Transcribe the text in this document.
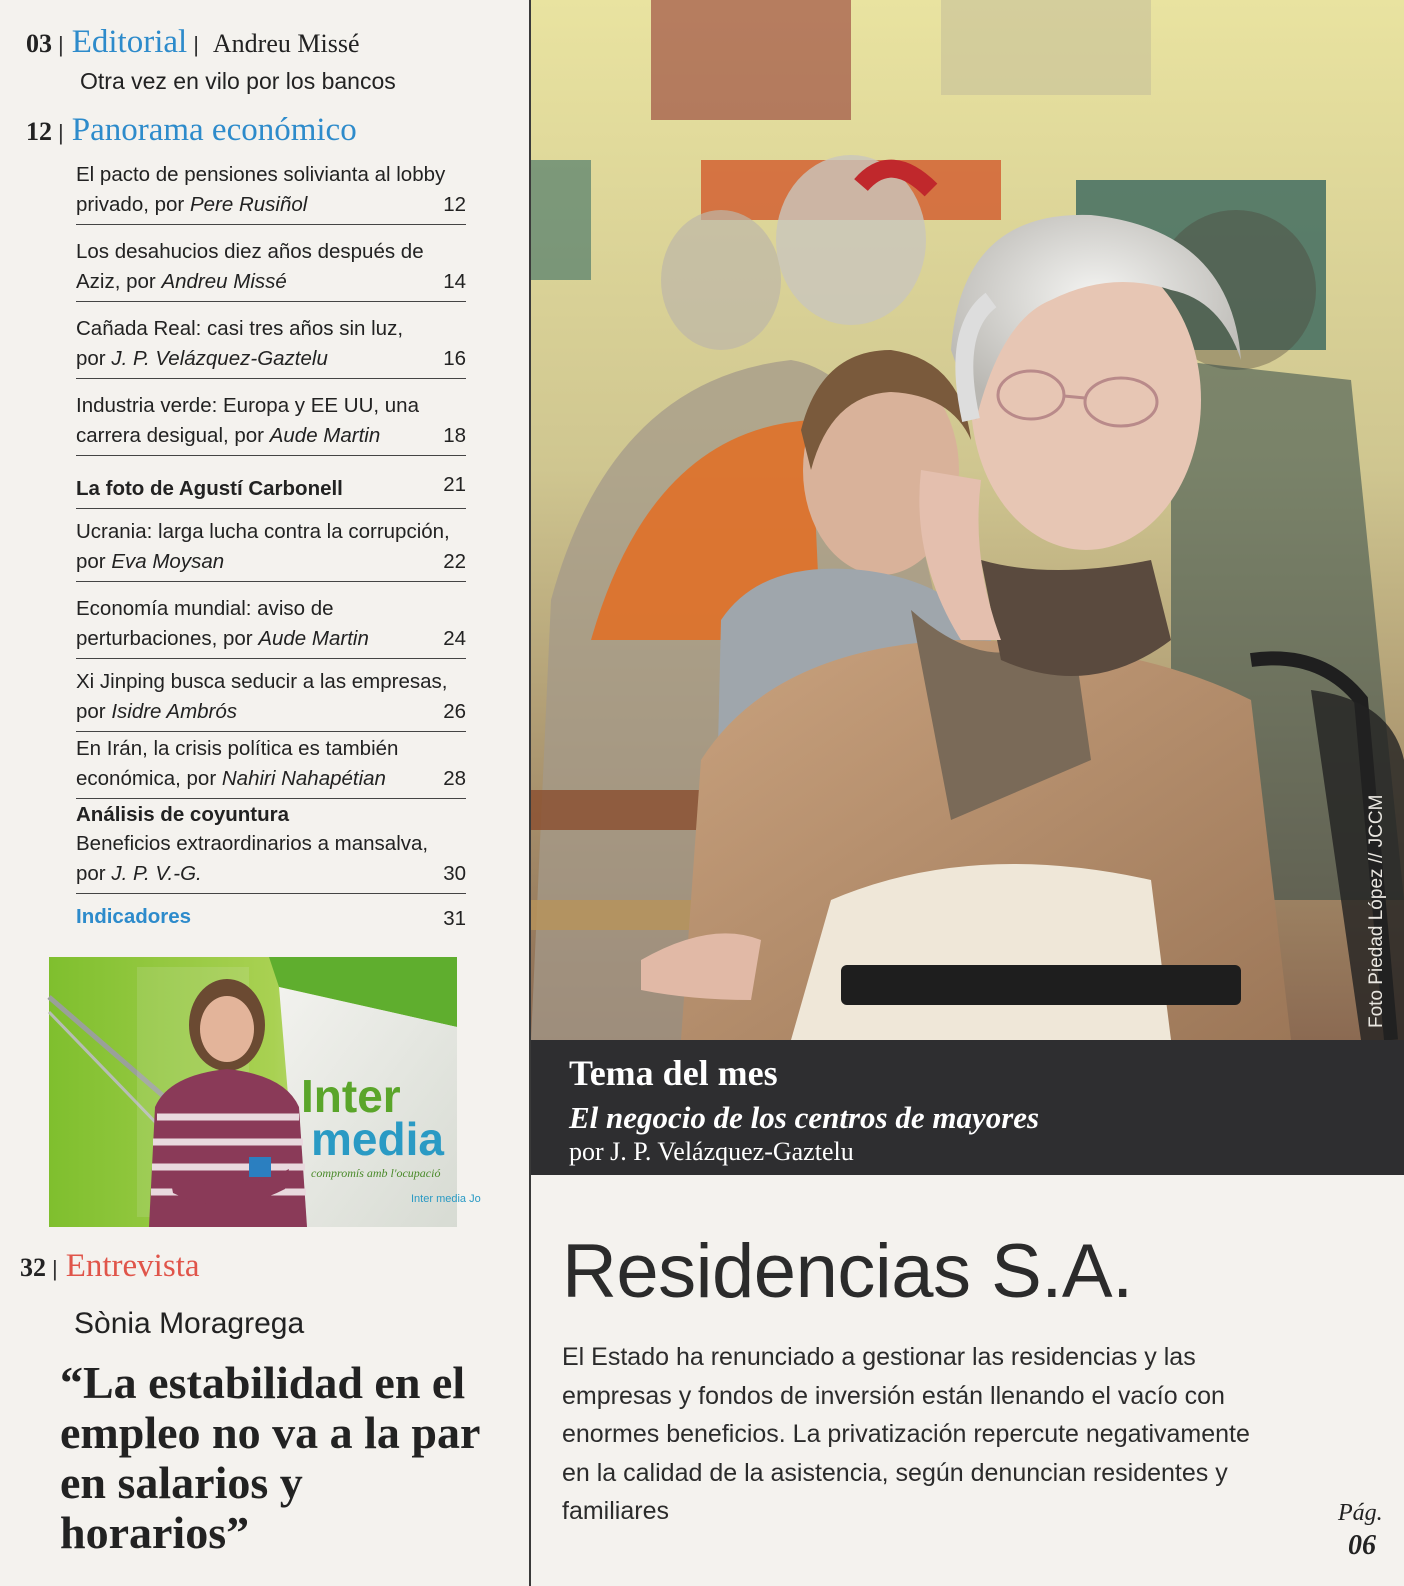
03 | Editorial | Andreu Missé
Otra vez en vilo por los bancos
12 | Panorama económico
El pacto de pensiones solivianta al lobby
privado, por Pere Rusiñol	12
Los desahucios diez años después de
Aziz, por Andreu Missé	14
Cañada Real: casi tres años sin luz,
por J. P. Velázquez-Gaztelu	16
Industria verde: Europa y EE UU, una
carrera desigual, por Aude Martin	18
La foto de Agustí Carbonell	21
Ucrania: larga lucha contra la corrupción,
por Eva Moysan	22
Economía mundial: aviso de
perturbaciones, por Aude Martin	24
Xi Jinping busca seducir a las empresas,
por Isidre Ambrós	26
En Irán, la crisis política es también
económica, por Nahiri Nahapétian	28
Análisis de coyuntura
Beneficios extraordinarios a mansalva,
por J. P. V.-G.	30
Indicadores	31
Inter
media
compromís amb l'ocupació
Inter media Jo
32 | Entrevista
Sònia Moragrega
“La estabilidad en el empleo no va a la par en salarios y horarios”
Foto Piedad López // JCCM
Tema del mes
El negocio de los centros de mayores
por J. P. Velázquez-Gaztelu
Residencias S.A.
El Estado ha renunciado a gestionar las residencias y las empresas y fondos de inversión están llenando el vacío con enormes beneficios. La privatización repercute negativamente en la calidad de la asistencia, según denuncian residentes y familiares	Pág.
06
